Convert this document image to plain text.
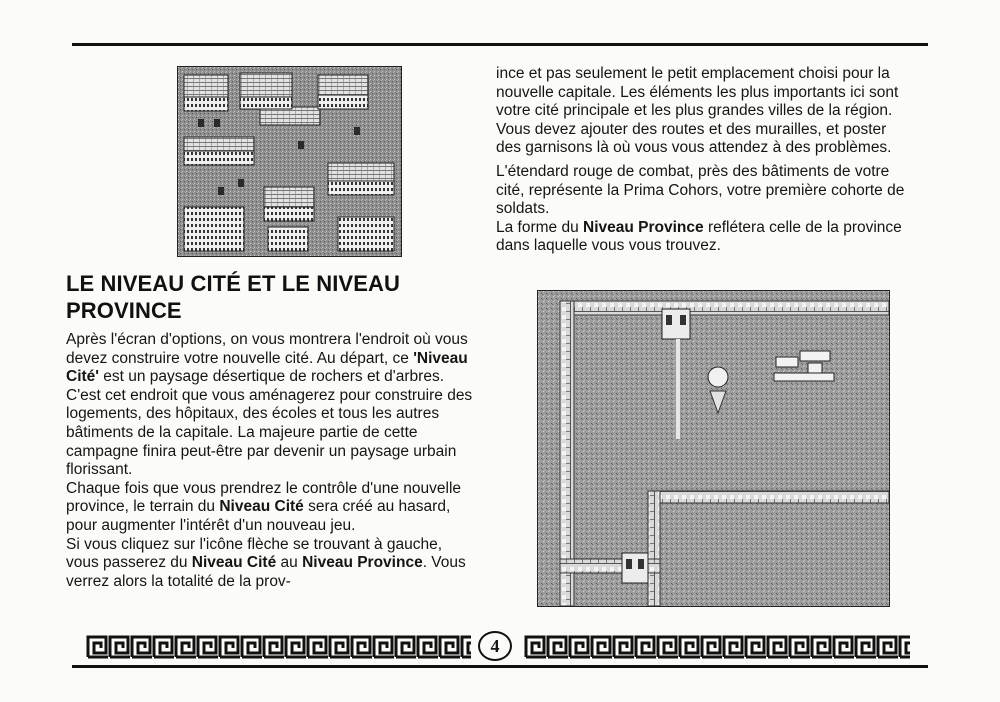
LE NIVEAU CITÉ ET LE NIVEAU PROVINCE

Après l'écran d'options, on vous montrera l'endroit où vous devez construire votre nouvelle cité. Au départ, ce 'Niveau Cité' est un paysage désertique de rochers et d'arbres. C'est cet endroit que vous aménagerez pour construire des logements, des hôpitaux, des écoles et tous les autres bâtiments de la capitale. La majeure partie de cette campagne finira peut-être par devenir un paysage urbain florissant.

Chaque fois que vous prendrez le contrôle d'une nouvelle province, le terrain du Niveau Cité sera créé au hasard, pour augmenter l'intérêt d'un nouveau jeu.

Si vous cliquez sur l'icône flèche se trouvant à gauche, vous passerez du Niveau Cité au Niveau Province. Vous verrez alors la totalité de la prov-

ince et pas seulement le petit emplacement choisi pour la nouvelle capitale. Les éléments les plus importants ici sont votre cité principale et les plus grandes villes de la région. Vous devez ajouter des routes et des murailles, et poster des garnisons là où vous vous attendez à des problèmes.

L'étendard rouge de combat, près des bâtiments de votre cité, représente la Prima Cohors, votre première cohorte de soldats.

La forme du Niveau Province reflétera celle de la province dans laquelle vous vous trouvez.

4
